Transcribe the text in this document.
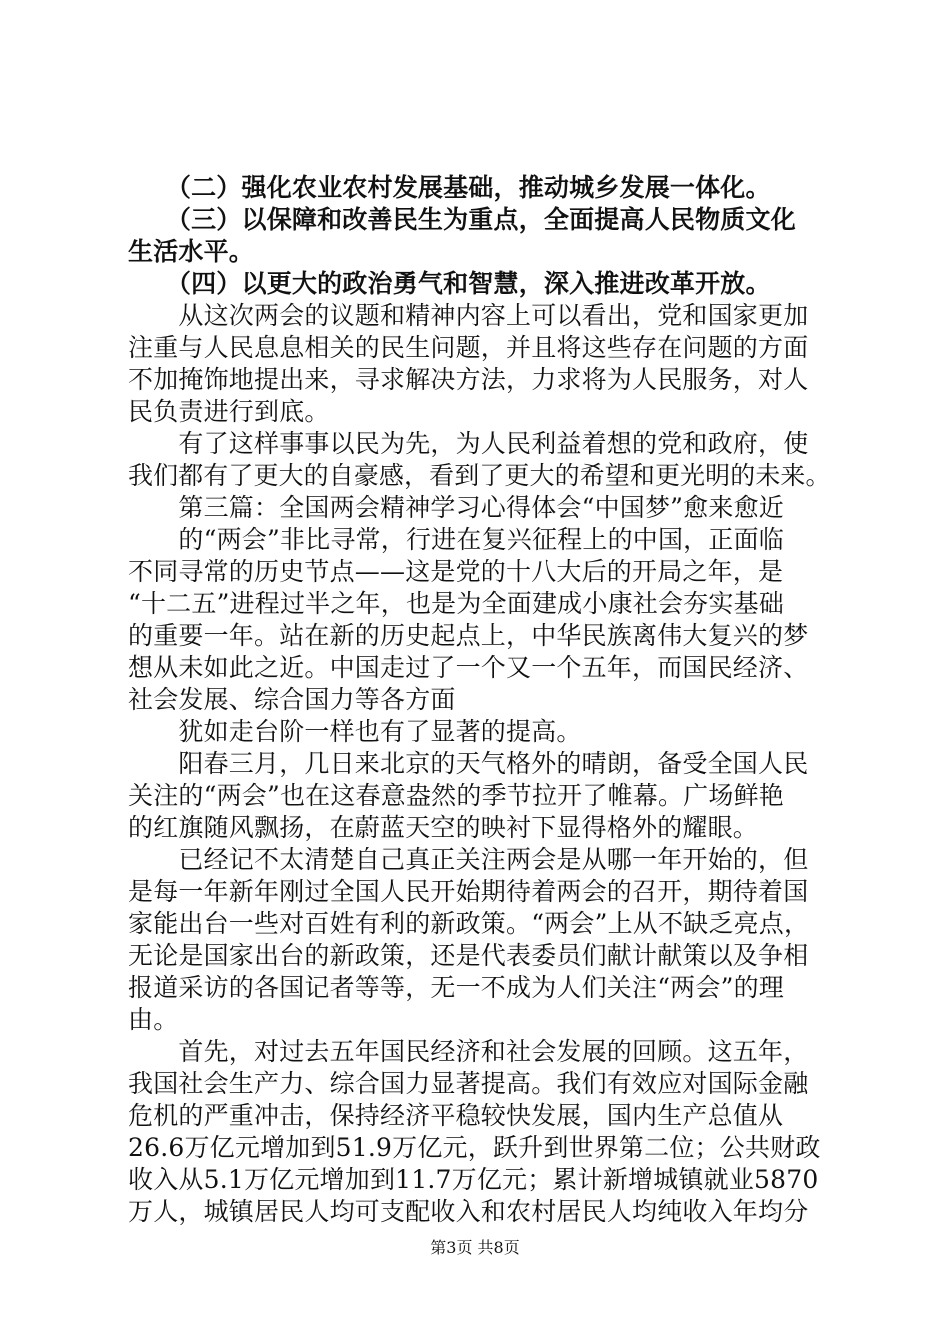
　　（二）强化农业农村发展基础，推动城乡发展一体化。
　　（三）以保障和改善民生为重点，全面提高人民物质文化
生活水平。
　　（四）以更大的政治勇气和智慧，深入推进改革开放。
　　从这次两会的议题和精神内容上可以看出，党和国家更加
注重与人民息息相关的民生问题，并且将这些存在问题的方面
不加掩饰地提出来，寻求解决方法，力求将为人民服务，对人
民负责进行到底。
　　有了这样事事以民为先，为人民利益着想的党和政府，使
我们都有了更大的自豪感，看到了更大的希望和更光明的未来。
　　第三篇：全国两会精神学习心得体会“中国梦”愈来愈近
　　的“两会”非比寻常，行进在复兴征程上的中国，正面临
不同寻常的历史节点——这是党的十八大后的开局之年，是
“十二五”进程过半之年，也是为全面建成小康社会夯实基础
的重要一年。站在新的历史起点上，中华民族离伟大复兴的梦
想从未如此之近。中国走过了一个又一个五年，而国民经济、
社会发展、综合国力等各方面
　　犹如走台阶一样也有了显著的提高。
　　阳春三月，几日来北京的天气格外的晴朗，备受全国人民
关注的“两会”也在这春意盎然的季节拉开了帷幕。广场鲜艳
的红旗随风飘扬，在蔚蓝天空的映衬下显得格外的耀眼。
　　已经记不太清楚自己真正关注两会是从哪一年开始的，但
是每一年新年刚过全国人民开始期待着两会的召开，期待着国
家能出台一些对百姓有利的新政策。“两会”上从不缺乏亮点，
无论是国家出台的新政策，还是代表委员们献计献策以及争相
报道采访的各国记者等等，无一不成为人们关注“两会”的理
由。
　　首先，对过去五年国民经济和社会发展的回顾。这五年，
我国社会生产力、综合国力显著提高。我们有效应对国际金融
危机的严重冲击，保持经济平稳较快发展，国内生产总值从
26.6万亿元增加到51.9万亿元，跃升到世界第二位；公共财政
收入从5.1万亿元增加到11.7万亿元；累计新增城镇就业5870
万人，城镇居民人均可支配收入和农村居民人均纯收入年均分
第3页 共8页
